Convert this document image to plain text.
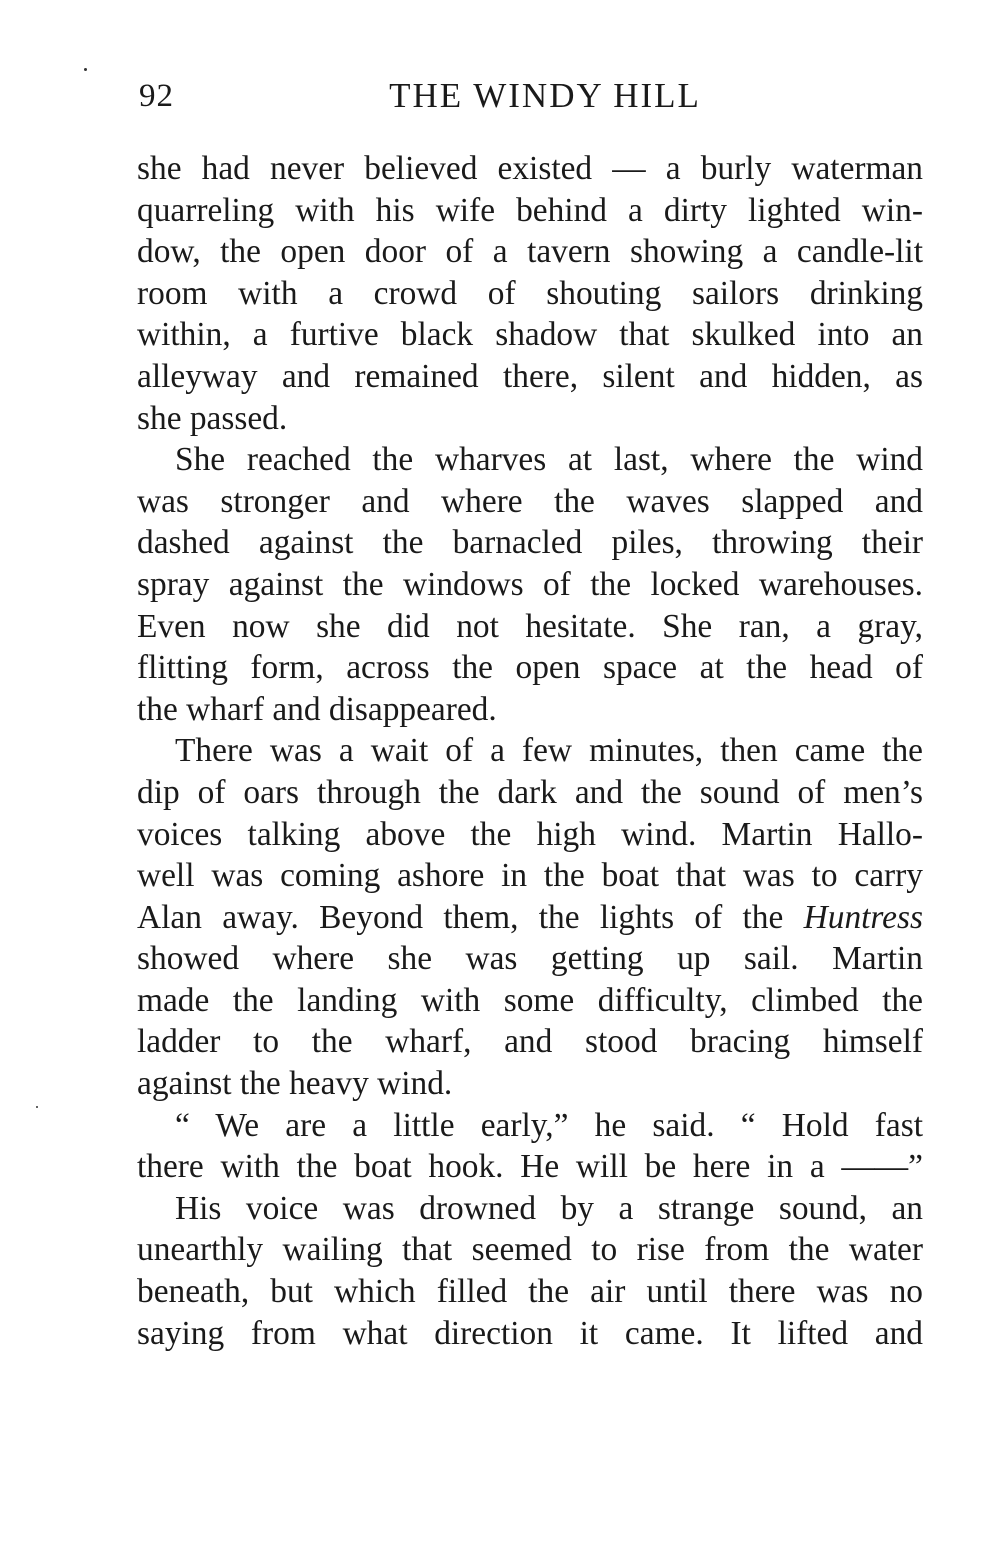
92	THE WINDY HILL
she had never believed existed — a burly waterman
quarreling with his wife behind a dirty lighted win-
dow, the open door of a tavern showing a candle-lit
room with a crowd of shouting sailors drinking
within, a furtive black shadow that skulked into an
alleyway and remained there, silent and hidden, as
she passed.
She reached the wharves at last, where the wind
was stronger and where the waves slapped and
dashed against the barnacled piles, throwing their
spray against the windows of the locked warehouses.
Even now she did not hesitate. She ran, a gray,
flitting form, across the open space at the head of
the wharf and disappeared.
There was a wait of a few minutes, then came the
dip of oars through the dark and the sound of men’s
voices talking above the high wind. Martin Hallo-
well was coming ashore in the boat that was to carry
Alan away. Beyond them, the lights of the Huntress
showed where she was getting up sail. Martin
made the landing with some difficulty, climbed the
ladder to the wharf, and stood bracing himself
against the heavy wind.
“ We are a little early,” he said. “ Hold fast
there with the boat hook. He will be here in a ——”
His voice was drowned by a strange sound, an
unearthly wailing that seemed to rise from the water
beneath, but which filled the air until there was no
saying from what direction it came. It lifted and
